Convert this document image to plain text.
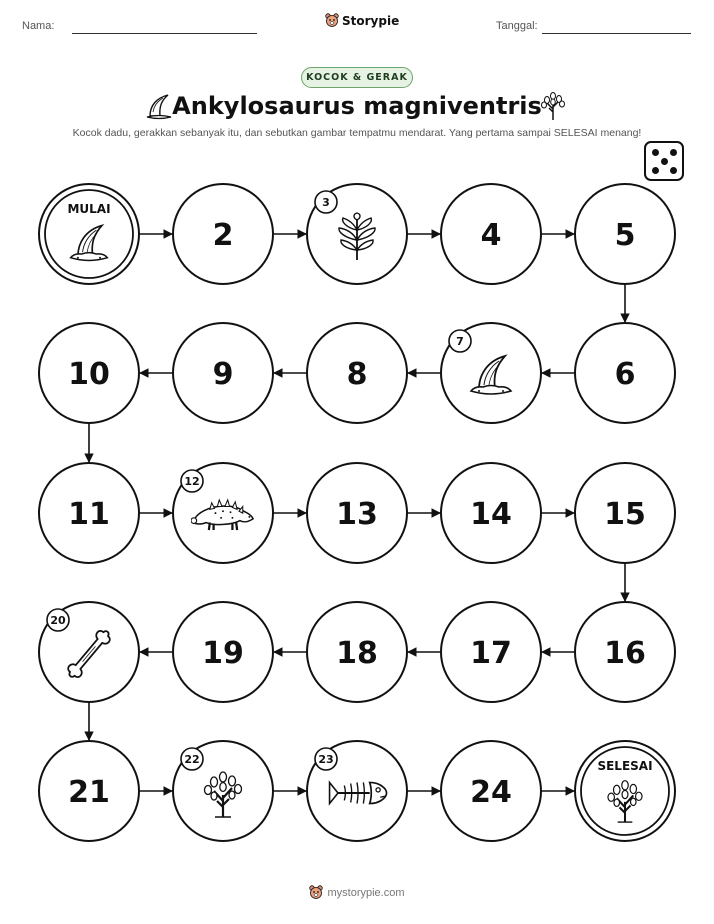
Nama:	Storypie	Tanggal:
KOCOK & GERAK
Ankylosaurus magniventris
Kocok dadu, gerakkan sebanyak itu, dan sebutkan gambar tempatmu mendarat. Yang pertama sampai SELESAI menang!
MULAI
2
3
4	5
6
7
8
9
10
11
12
13	14	15
16
17
18
19
20
21
22	23
24
SELESAI
mystorypie.com
